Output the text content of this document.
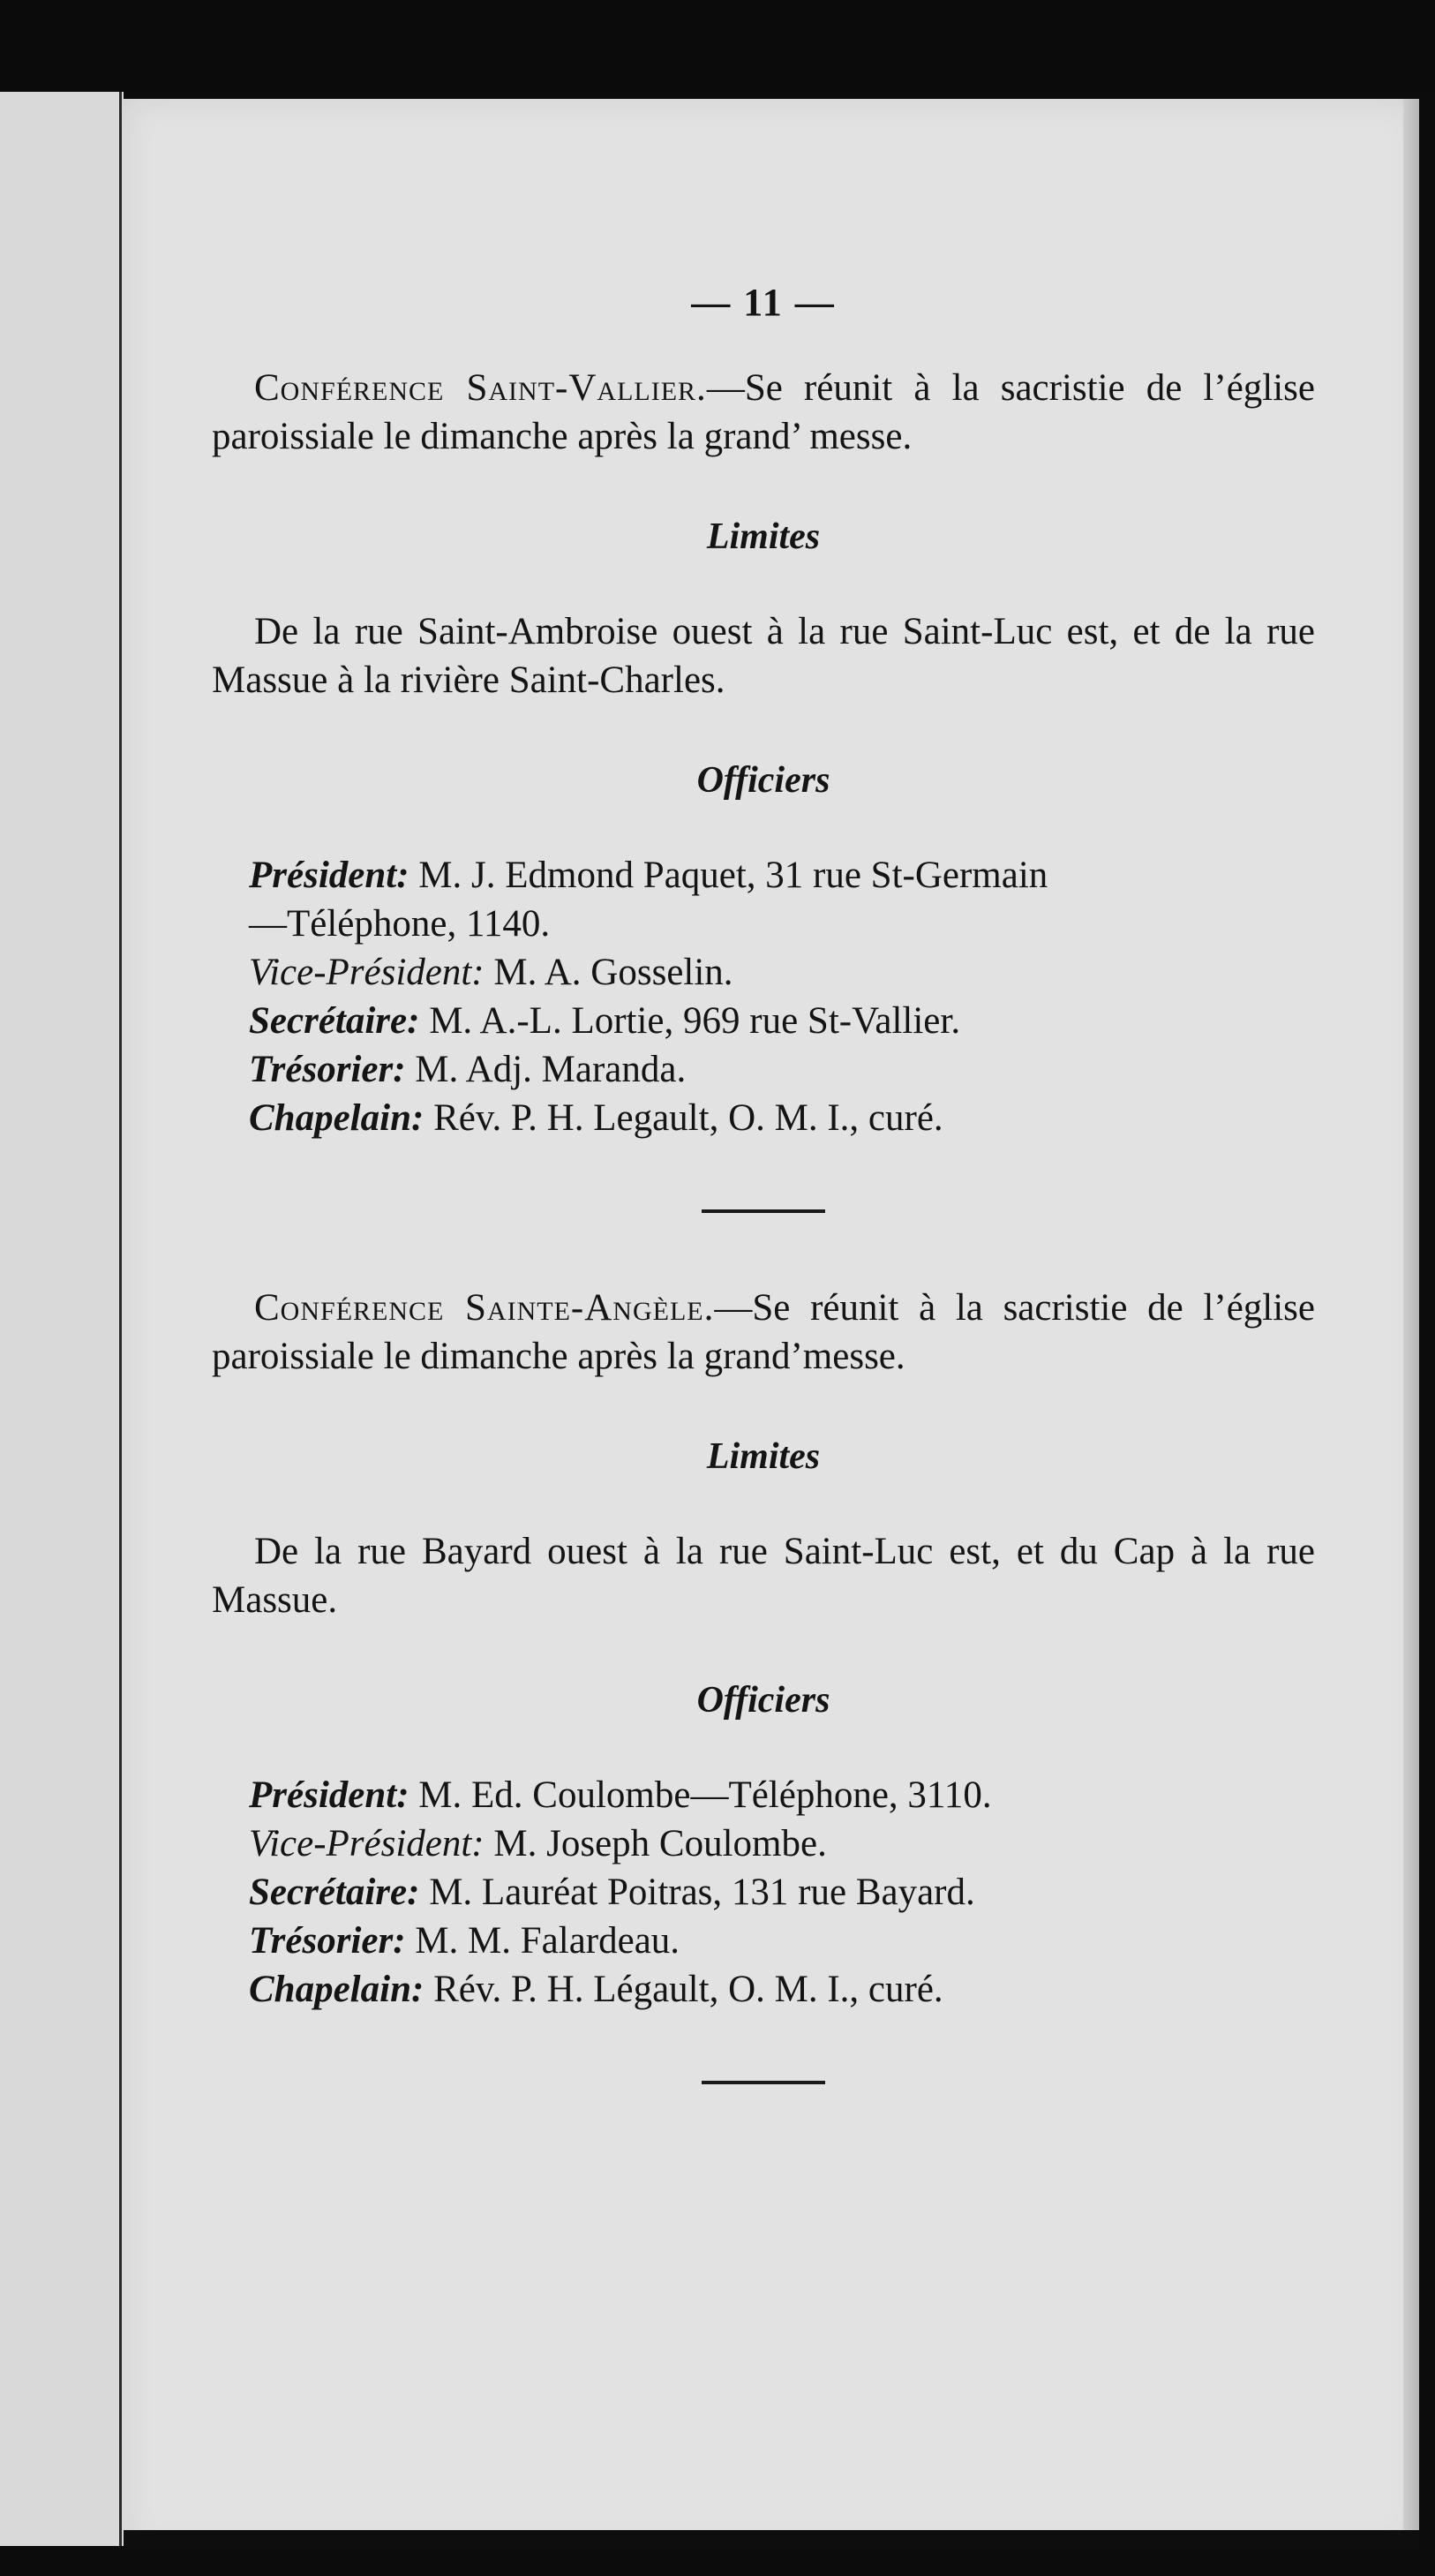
— 11 —

Conférence Saint-Vallier.—Se réunit à la sacristie de l’église paroissiale le dimanche après la grand’ messe.

Limites

De la rue Saint-Ambroise ouest à la rue Saint-Luc est, et de la rue Massue à la rivière Saint-Charles.

Officiers
Président: M. J. Edmond Paquet, 31 rue St-Germain
—Téléphone, 1140.
Vice-Président: M. A. Gosselin.
Secrétaire: M. A.-L. Lortie, 969 rue St-Vallier.
Trésorier: M. Adj. Maranda.
Chapelain: Rév. P. H. Legault, O. M. I., curé.

Conférence Sainte-Angèle.—Se réunit à la sacristie de l’église paroissiale le dimanche après la grand’messe.

Limites

De la rue Bayard ouest à la rue Saint-Luc est, et du Cap à la rue Massue.

Officiers
Président: M. Ed. Coulombe—Téléphone, 3110.
Vice-Président: M. Joseph Coulombe.
Secrétaire: M. Lauréat Poitras, 131 rue Bayard.
Trésorier: M. M. Falardeau.
Chapelain: Rév. P. H. Légault, O. M. I., curé.
